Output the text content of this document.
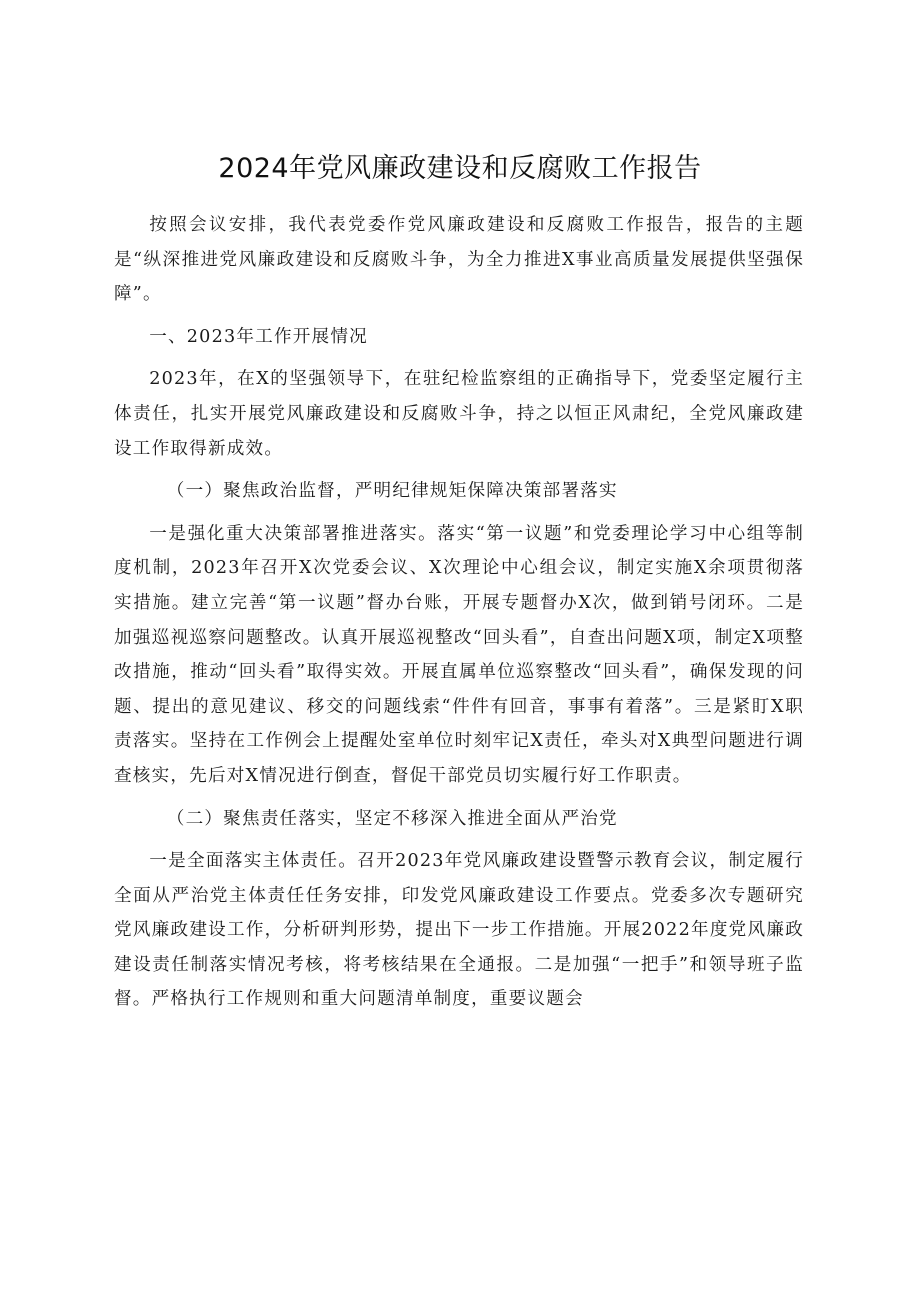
2024年党风廉政建设和反腐败工作报告

按照会议安排，我代表党委作党风廉政建设和反腐败工作报告，报告的主题是“纵深推进党风廉政建设和反腐败斗争，为全力推进X事业高质量发展提供坚强保障”。

一、2023年工作开展情况

2023年，在X的坚强领导下，在驻纪检监察组的正确指导下，党委坚定履行主体责任，扎实开展党风廉政建设和反腐败斗争，持之以恒正风肃纪，全党风廉政建设工作取得新成效。

（一）聚焦政治监督，严明纪律规矩保障决策部署落实

一是强化重大决策部署推进落实。落实“第一议题”和党委理论学习中心组等制度机制，2023年召开X次党委会议、X次理论中心组会议，制定实施X余项贯彻落实措施。建立完善“第一议题”督办台账，开展专题督办X次，做到销号闭环。二是加强巡视巡察问题整改。认真开展巡视整改“回头看”，自查出问题X项，制定X项整改措施，推动“回头看”取得实效。开展直属单位巡察整改“回头看”，确保发现的问题、提出的意见建议、移交的问题线索“件件有回音，事事有着落”。三是紧盯X职责落实。坚持在工作例会上提醒处室单位时刻牢记X责任，牵头对X典型问题进行调查核实，先后对X情况进行倒查，督促干部党员切实履行好工作职责。

（二）聚焦责任落实，坚定不移深入推进全面从严治党

一是全面落实主体责任。召开2023年党风廉政建设暨警示教育会议，制定履行全面从严治党主体责任任务安排，印发党风廉政建设工作要点。党委多次专题研究党风廉政建设工作，分析研判形势，提出下一步工作措施。开展2022年度党风廉政建设责任制落实情况考核，将考核结果在全通报。二是加强“一把手”和领导班子监督。严格执行工作规则和重大问题清单制度，重要议题会
